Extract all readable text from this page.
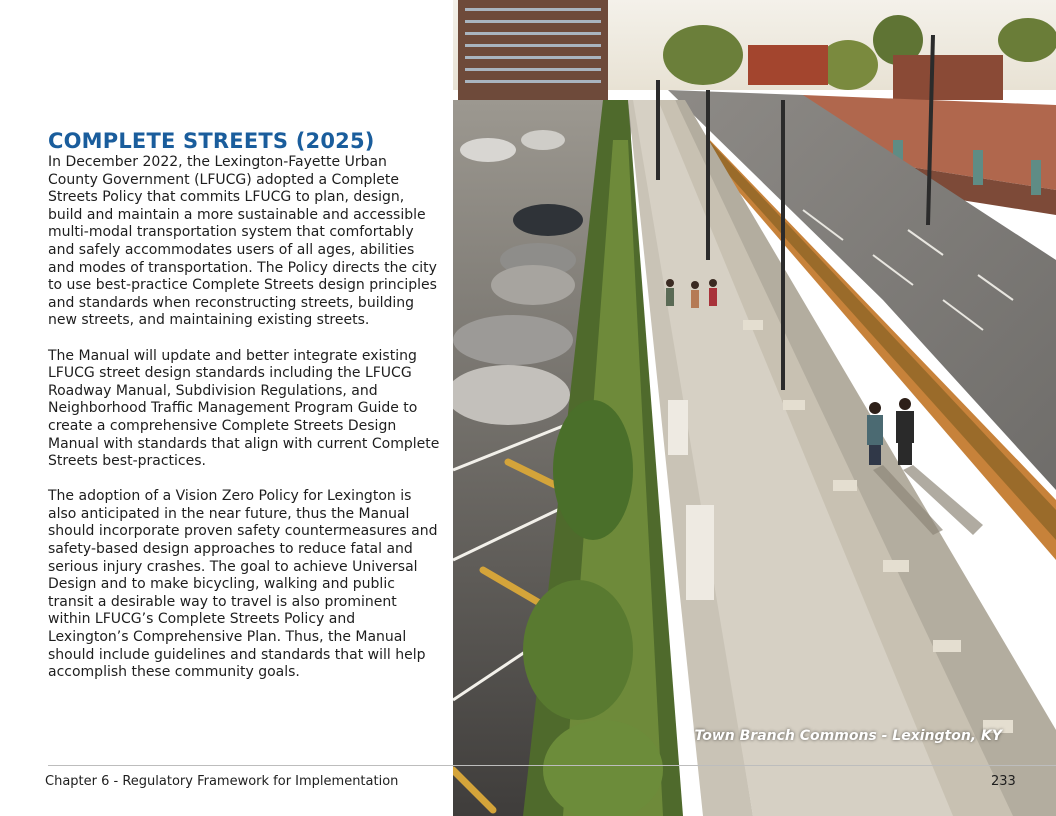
COMPLETE STREETS (2025)

In December 2022, the Lexington-Fayette Urban County Government (LFUCG) adopted a Complete Streets Policy that commits LFUCG to plan, design, build and maintain a more sustainable and accessible multi-modal transportation system that comfortably and safely accommodates users of all ages, abilities and modes of transportation. The Policy directs the city to use best-practice Complete Streets design principles and standards when reconstructing streets, building new streets, and maintaining existing streets.

The Manual will update and better integrate existing LFUCG street design standards including the LFUCG Roadway Manual, Subdivision Regulations, and Neighborhood Traffic Management Program Guide to create a comprehensive Complete Streets Design Manual with standards that align with current Complete Streets best-practices.

The adoption of a Vision Zero Policy for Lexington is also anticipated in the near future, thus the Manual should incorporate proven safety countermeasures and safety-based design approaches to reduce fatal and serious injury crashes. The goal to achieve Universal Design and to make bicycling, walking and public transit a desirable way to travel is also prominent within LFUCG’s Complete Streets Policy and Lexington’s Comprehensive Plan. Thus, the Manual should include guidelines and standards that will help accomplish these community goals.

Town Branch Commons - Lexington, KY
Chapter 6 - Regulatory Framework for Implementation	233
